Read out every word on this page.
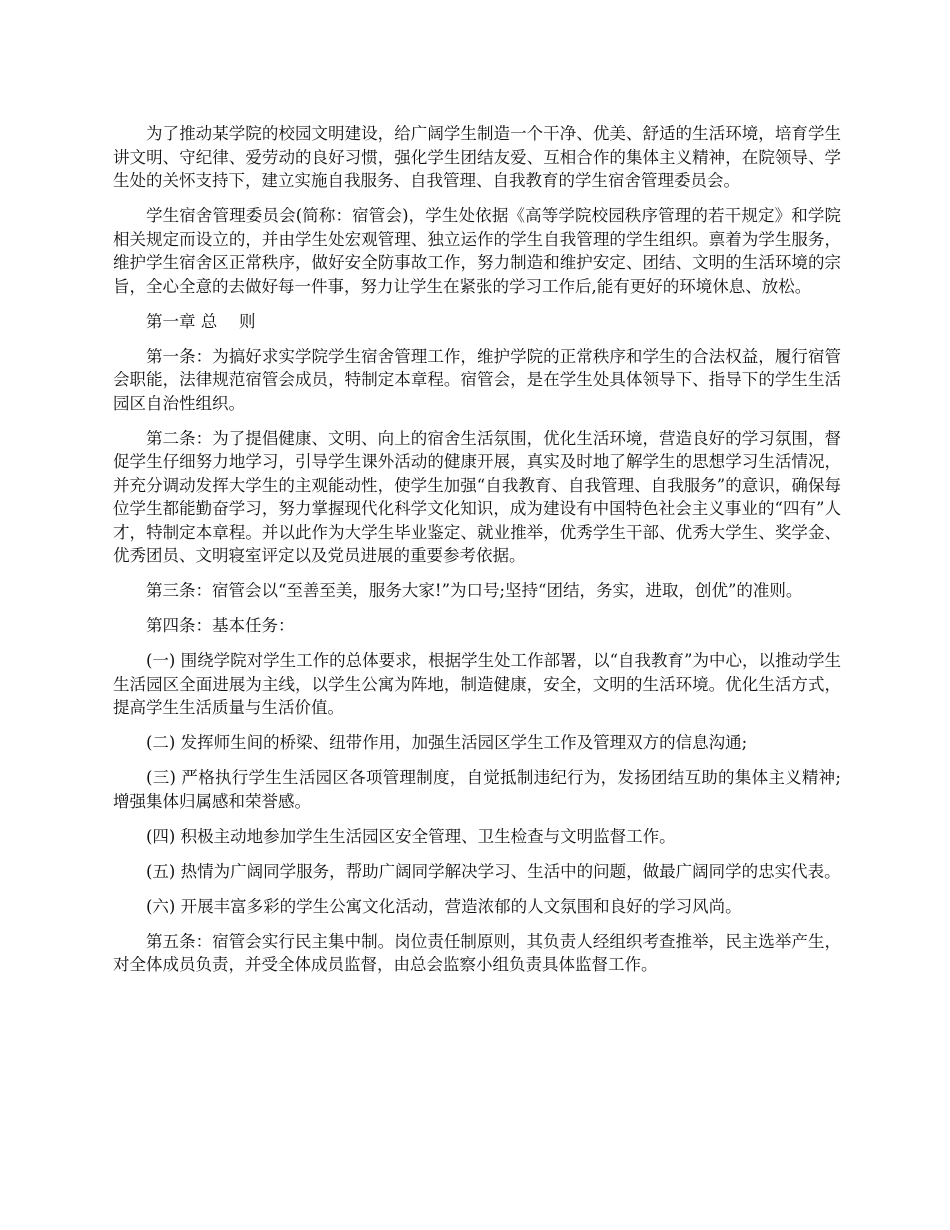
为了推动某学院的校园文明建设，给广阔学生制造一个干净、优美、舒适的生活环境，培育学生讲文明、守纪律、爱劳动的良好习惯，强化学生团结友爱、互相合作的集体主义精神，在院领导、学生处的关怀支持下，建立实施自我服务、自我管理、自我教育的学生宿舍管理委员会。

学生宿舍管理委员会(简称：宿管会)，学生处依据《高等学院校园秩序管理的若干规定》和学院相关规定而设立的，并由学生处宏观管理、独立运作的学生自我管理的学生组织。禀着为学生服务，维护学生宿舍区正常秩序，做好安全防事故工作，努力制造和维护安定、团结、文明的生活环境的宗旨，全心全意的去做好每一件事，努力让学生在紧张的学习工作后,能有更好的环境休息、放松。

第一章 总　 则

第一条：为搞好求实学院学生宿舍管理工作，维护学院的正常秩序和学生的合法权益，履行宿管会职能，法律规范宿管会成员，特制定本章程。宿管会，是在学生处具体领导下、指导下的学生生活园区自治性组织。

第二条：为了提倡健康、文明、向上的宿舍生活氛围，优化生活环境，营造良好的学习氛围，督促学生仔细努力地学习，引导学生课外活动的健康开展，真实及时地了解学生的思想学习生活情况，并充分调动发挥大学生的主观能动性，使学生加强“自我教育、自我管理、自我服务”的意识，确保每位学生都能勤奋学习，努力掌握现代化科学文化知识，成为建设有中国特色社会主义事业的“四有”人才，特制定本章程。并以此作为大学生毕业鉴定、就业推举，优秀学生干部、优秀大学生、奖学金、优秀团员、文明寝室评定以及党员进展的重要参考依据。

第三条：宿管会以“至善至美，服务大家!”为口号;坚持“团结，务实，进取，创优”的准则。

第四条：基本任务：

(一) 围绕学院对学生工作的总体要求，根据学生处工作部署，以“自我教育”为中心，以推动学生生活园区全面进展为主线，以学生公寓为阵地，制造健康，安全，文明的生活环境。优化生活方式，提高学生生活质量与生活价值。

(二) 发挥师生间的桥梁、纽带作用，加强生活园区学生工作及管理双方的信息沟通;

(三) 严格执行学生生活园区各项管理制度，自觉抵制违纪行为，发扬团结互助的集体主义精神;增强集体归属感和荣誉感。

(四) 积极主动地参加学生生活园区安全管理、卫生检查与文明监督工作。

(五) 热情为广阔同学服务，帮助广阔同学解决学习、生活中的问题，做最广阔同学的忠实代表。

(六) 开展丰富多彩的学生公寓文化活动，营造浓郁的人文氛围和良好的学习风尚。

第五条：宿管会实行民主集中制。岗位责任制原则，其负责人经组织考查推举，民主选举产生，对全体成员负责，并受全体成员监督，由总会监察小组负责具体监督工作。
